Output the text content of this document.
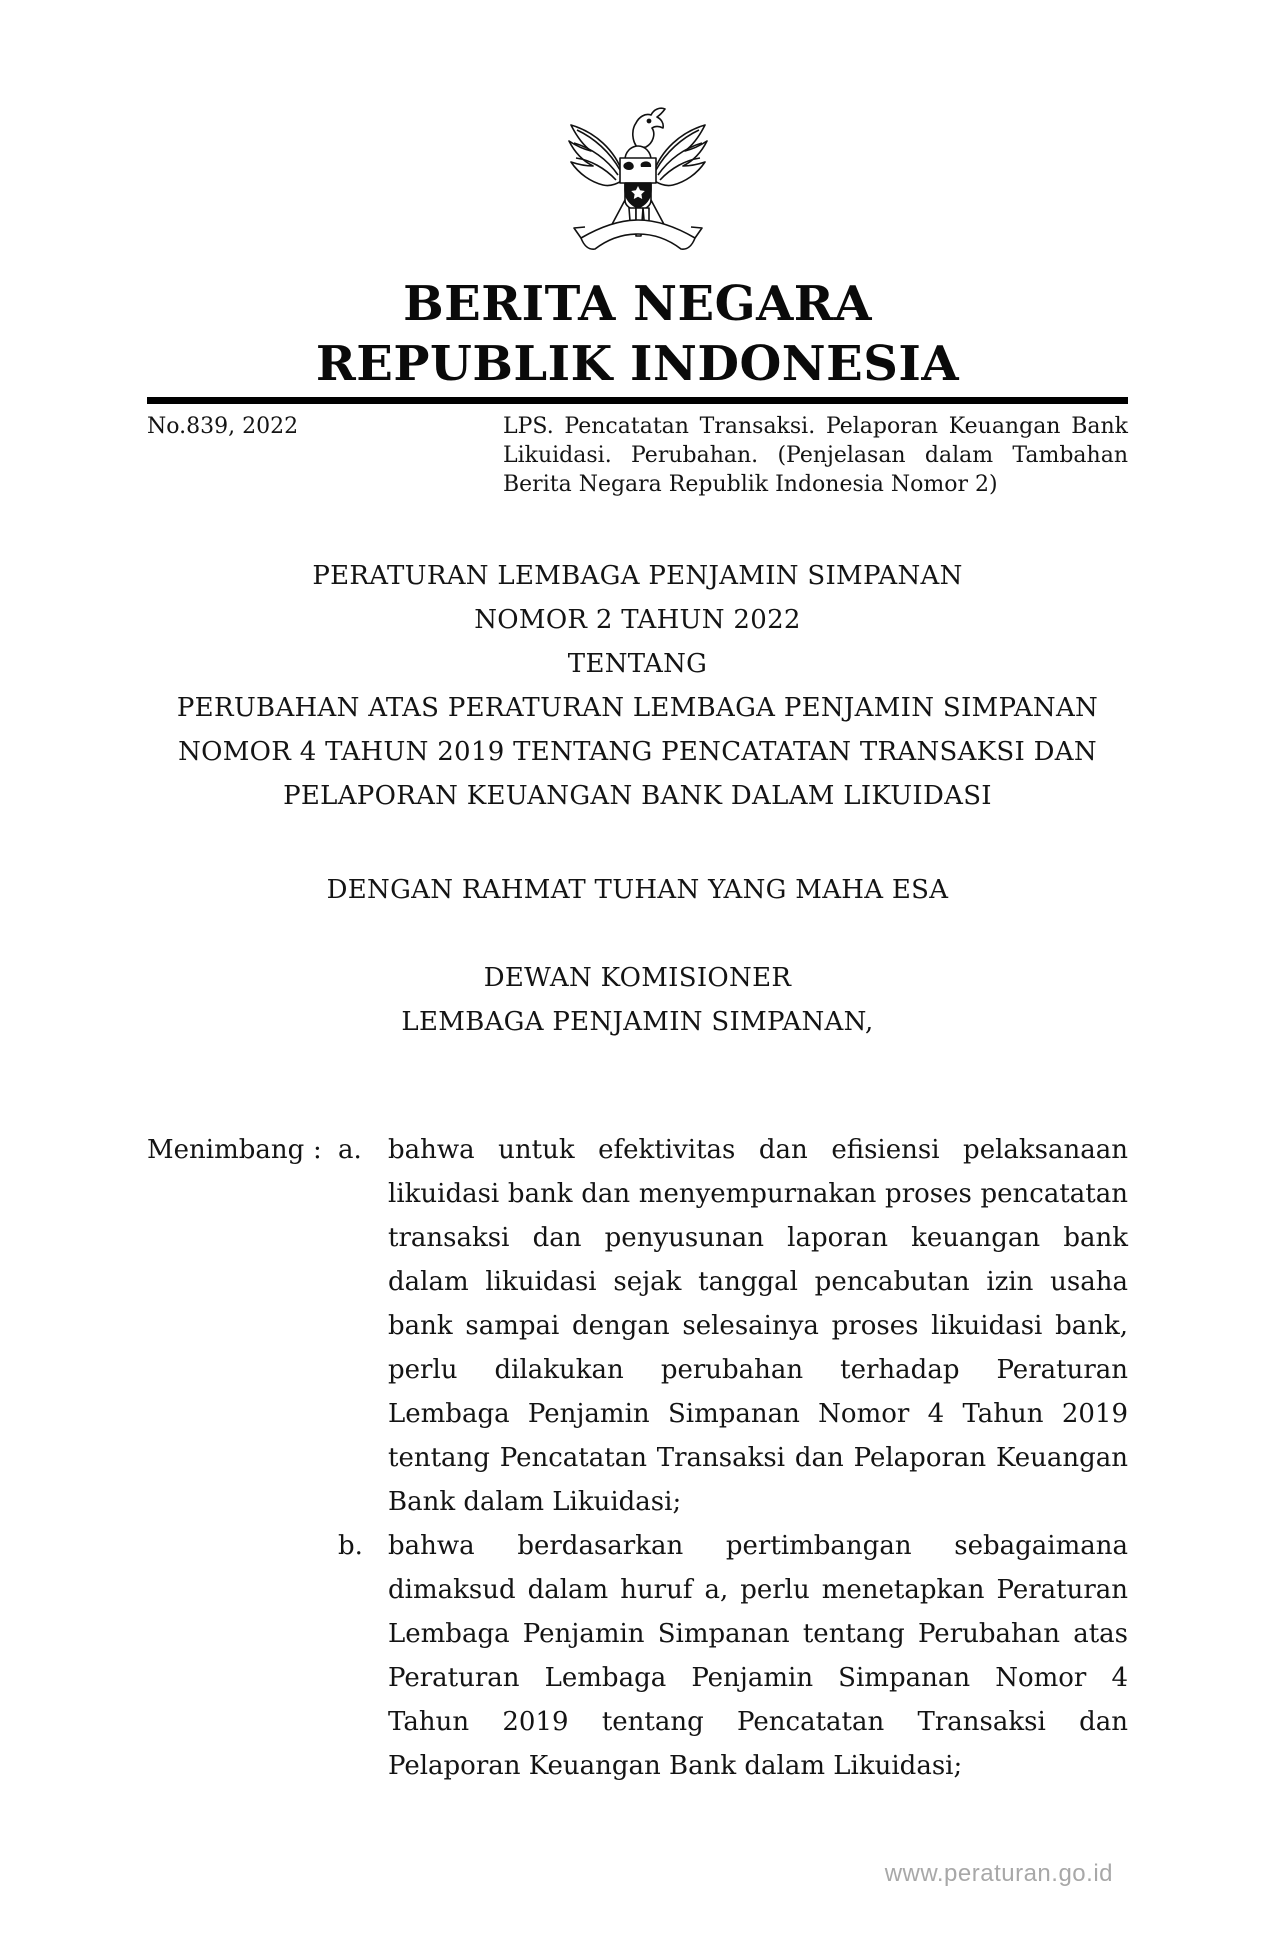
BERITA NEGARA
REPUBLIK INDONESIA
No.839, 2022	LPS. Pencatatan Transaksi. Pelaporan Keuangan Bank Likuidasi. Perubahan. (Penjelasan dalam Tambahan Berita Negara Republik Indonesia Nomor 2)

PERATURAN LEMBAGA PENJAMIN SIMPANAN

NOMOR 2 TAHUN 2022

TENTANG

PERUBAHAN ATAS PERATURAN LEMBAGA PENJAMIN SIMPANAN

NOMOR 4 TAHUN 2019 TENTANG PENCATATAN TRANSAKSI DAN

PELAPORAN KEUANGAN BANK DALAM LIKUIDASI

DENGAN RAHMAT TUHAN YANG MAHA ESA

DEWAN KOMISIONER

LEMBAGA PENJAMIN SIMPANAN,

Menimbang : a.	bahwa untuk efektivitas dan efisiensi pelaksanaan likuidasi bank dan menyempurnakan proses pencatatan transaksi dan penyusunan laporan keuangan bank dalam likuidasi sejak tanggal pencabutan izin usaha bank sampai dengan selesainya proses likuidasi bank, perlu dilakukan perubahan terhadap Peraturan Lembaga Penjamin Simpanan Nomor 4 Tahun 2019 tentang Pencatatan Transaksi dan Pelaporan Keuangan Bank dalam Likuidasi;
b. bahwa berdasarkan pertimbangan sebagaimana dimaksud dalam huruf a, perlu menetapkan Peraturan Lembaga Penjamin Simpanan tentang Perubahan atas Peraturan Lembaga Penjamin Simpanan Nomor 4 Tahun 2019 tentang Pencatatan Transaksi dan Pelaporan Keuangan Bank dalam Likuidasi;
www.peraturan.go.id
